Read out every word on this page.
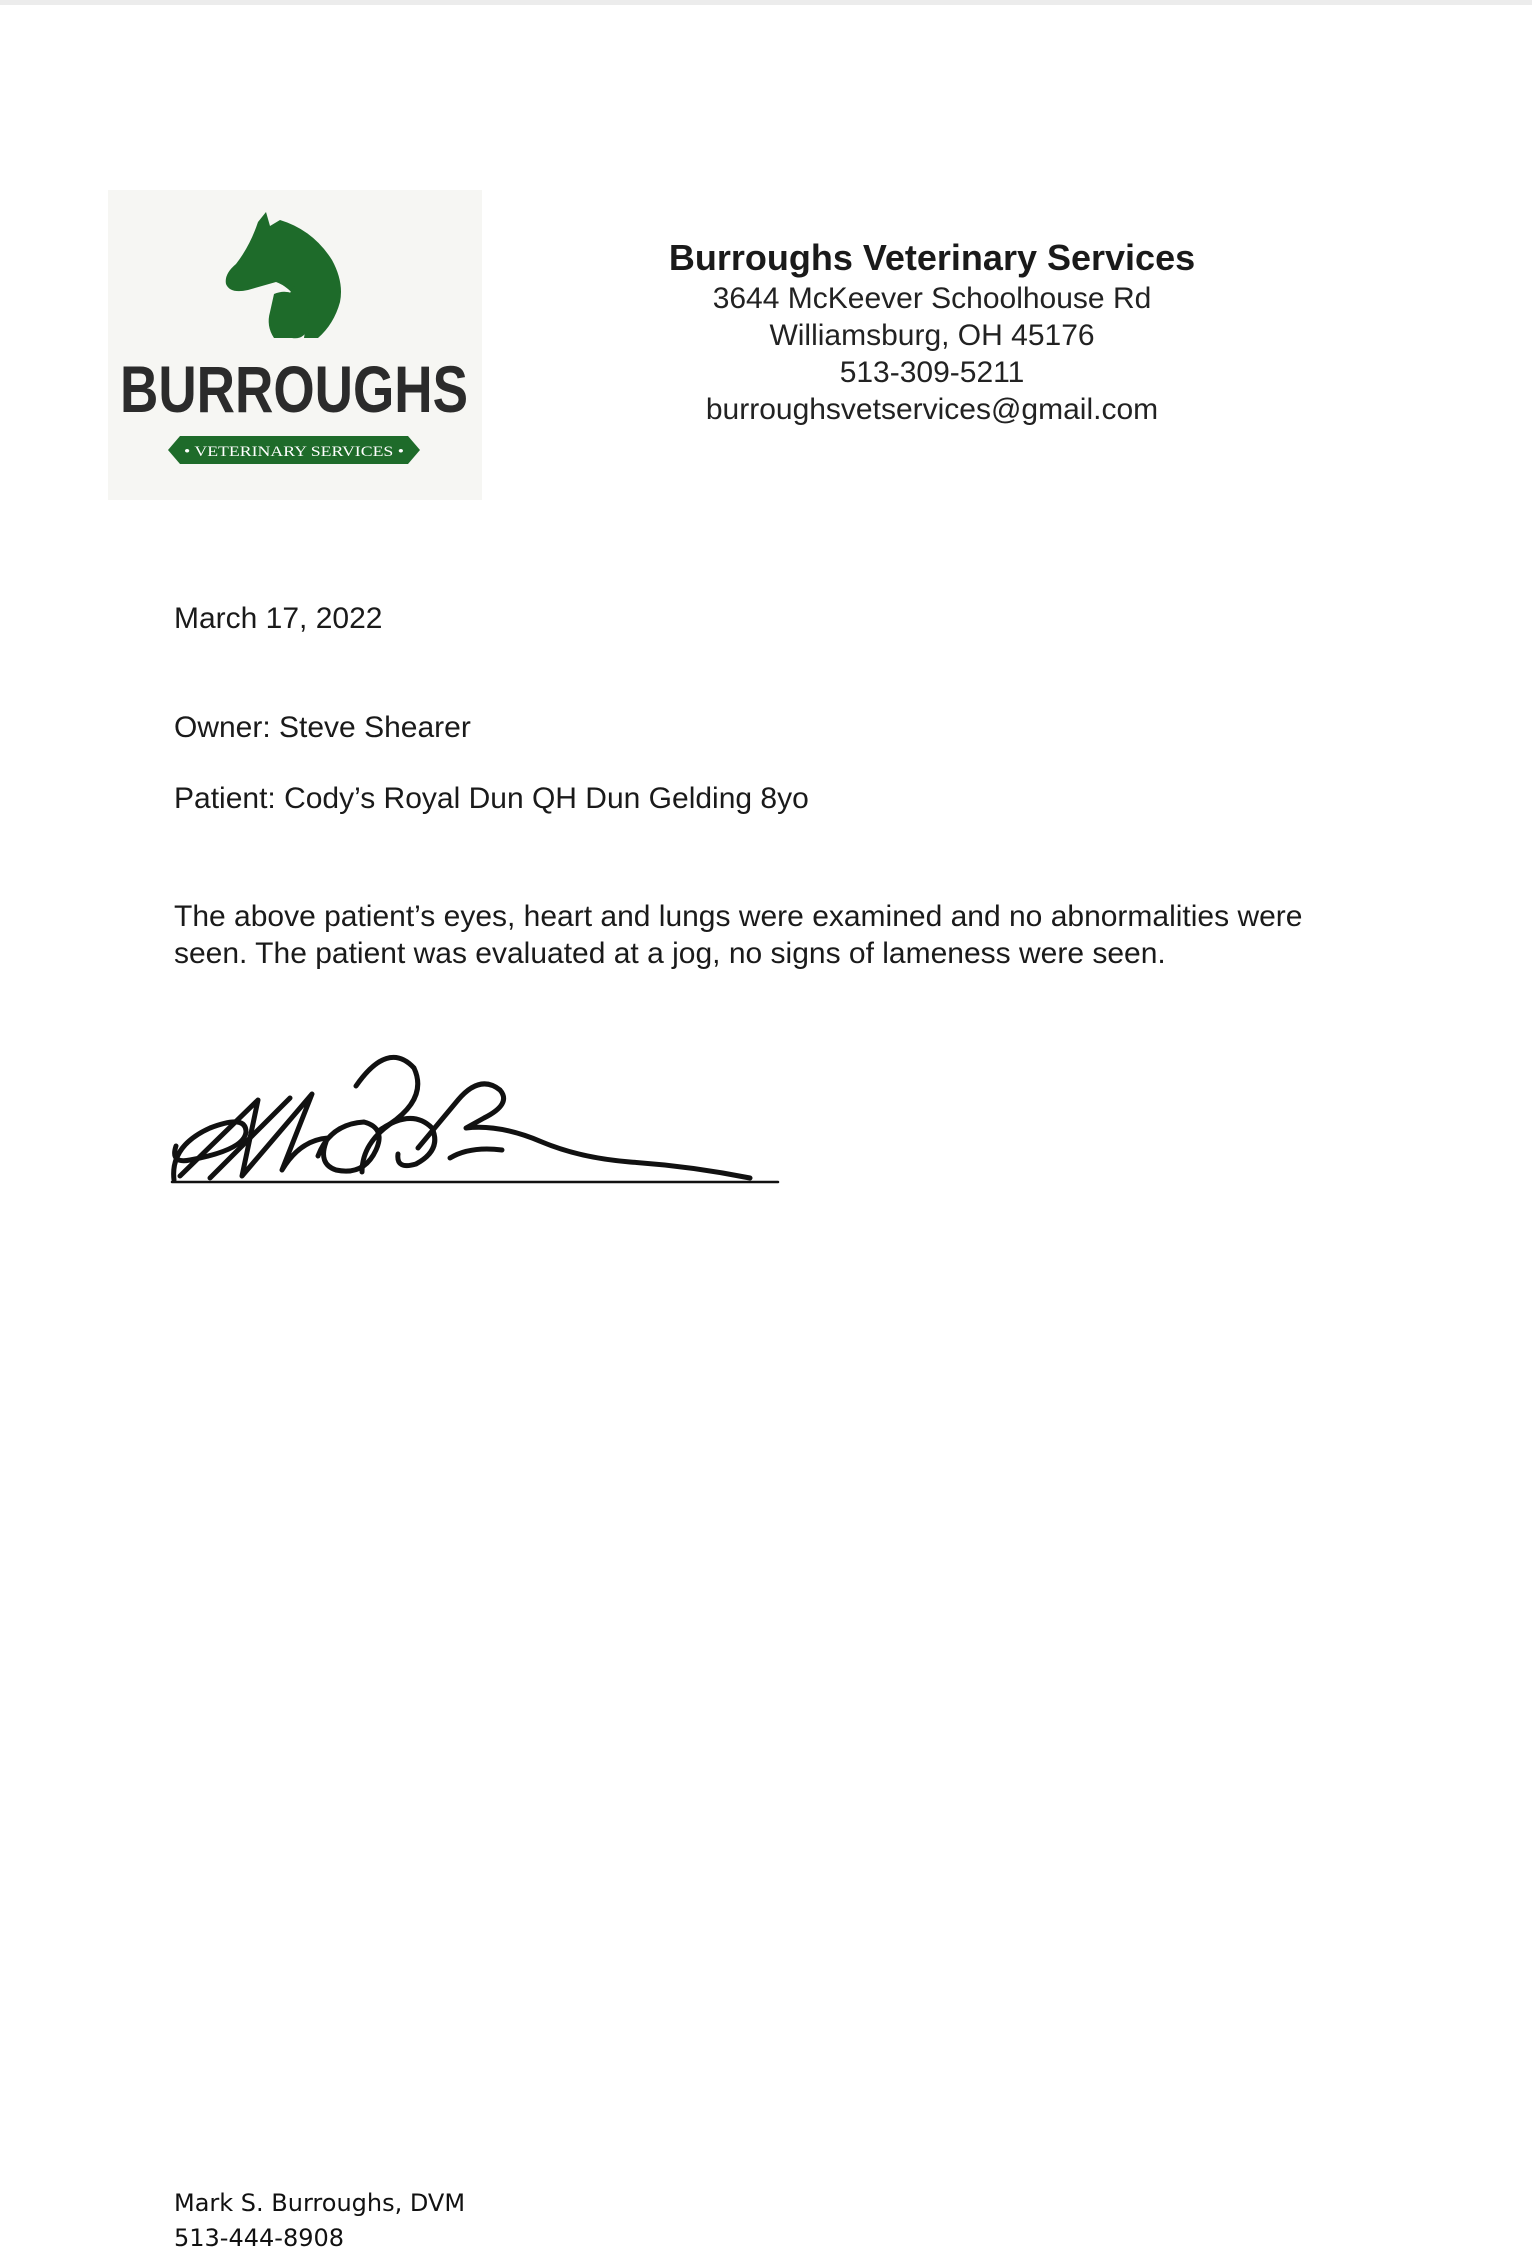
BURROUGHS
• VETERINARY SERVICES •
Burroughs Veterinary Services
3644 McKeever Schoolhouse Rd
Williamsburg, OH 45176
513-309-5211
burroughsvetservices@gmail.com
March 17, 2022
Owner: Steve Shearer
Patient: Cody’s Royal Dun QH Dun Gelding 8yo
The above patient’s eyes, heart and lungs were examined and no abnormalities were seen. The patient was evaluated at a jog, no signs of lameness were seen.
Mark S. Burroughs, DVM
513-444-8908
